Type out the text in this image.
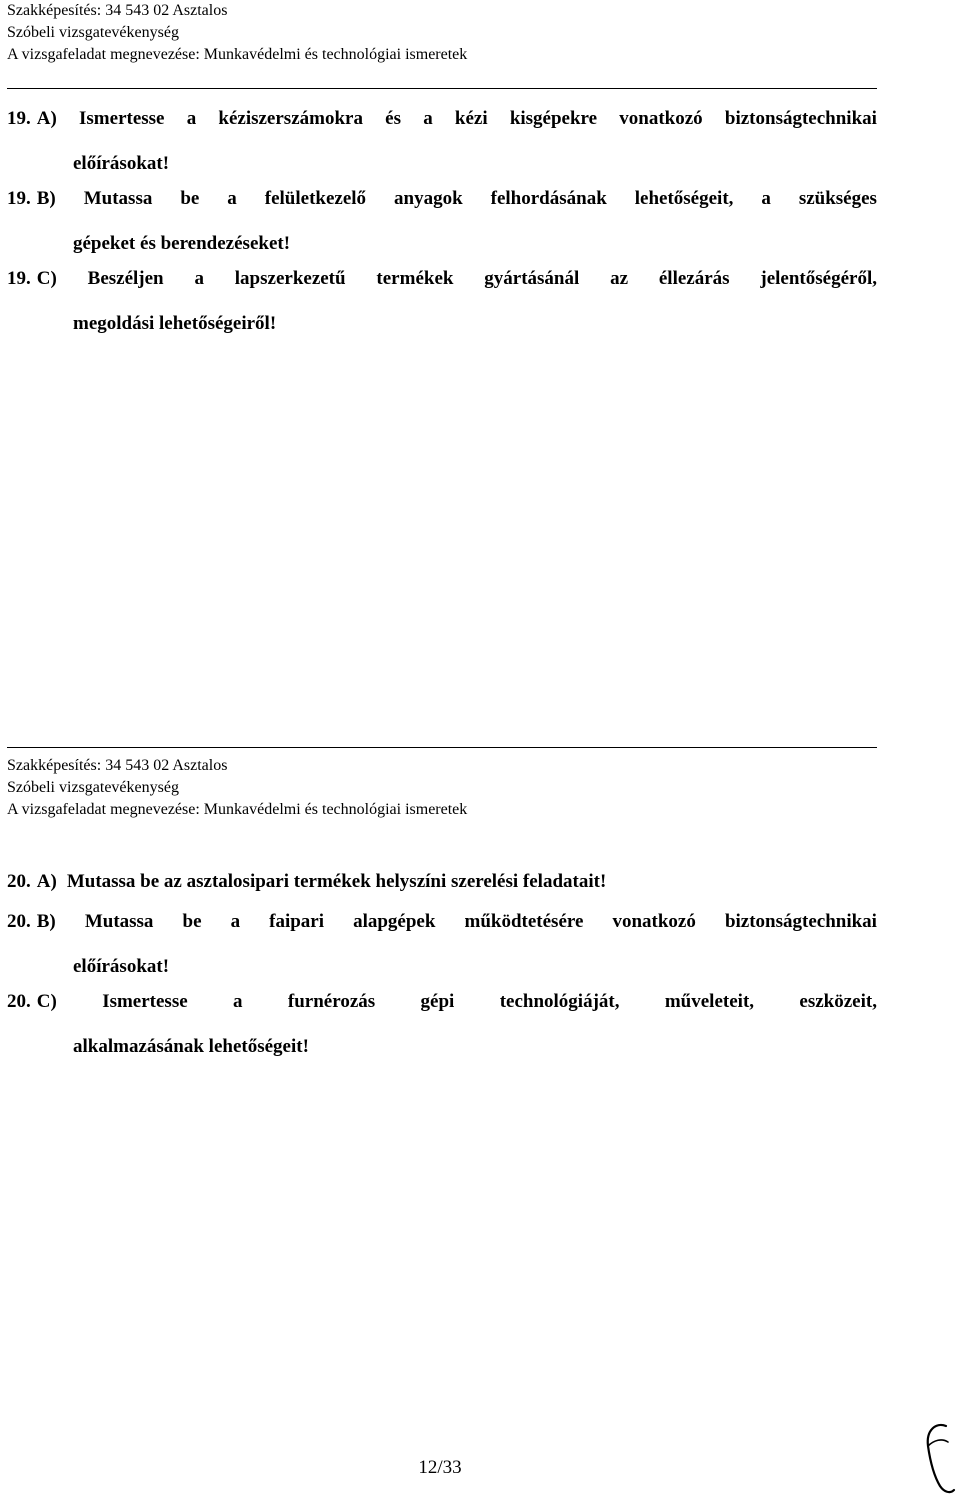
Szakképesítés: 34 543 02 Asztalos
Szóbeli vizsgatevékenység
A vizsgafeladat megnevezése: Munkavédelmi és technológiai ismeretek
19. A) Ismertesse a kéziszerszámokra és a kézi kisgépekre vonatkozó biztonságtechnikai
előírásokat!
19. B) Mutassa be a felületkezelő anyagok felhordásának lehetőségeit, a szükséges
gépeket és berendezéseket!
19. C) Beszéljen a lapszerkezetű termékek gyártásánál az éllezárás jelentőségéről,
megoldási lehetőségeiről!
Szakképesítés: 34 543 02 Asztalos
Szóbeli vizsgatevékenység
A vizsgafeladat megnevezése: Munkavédelmi és technológiai ismeretek
20. A) Mutassa be az asztalosipari termékek helyszíni szerelési feladatait!
20. B) Mutassa be a faipari alapgépek működtetésére vonatkozó biztonságtechnikai
előírásokat!
20. C) Ismertesse a furnérozás gépi technológiáját, műveleteit, eszközeit,
alkalmazásának lehetőségeit!
12/33
